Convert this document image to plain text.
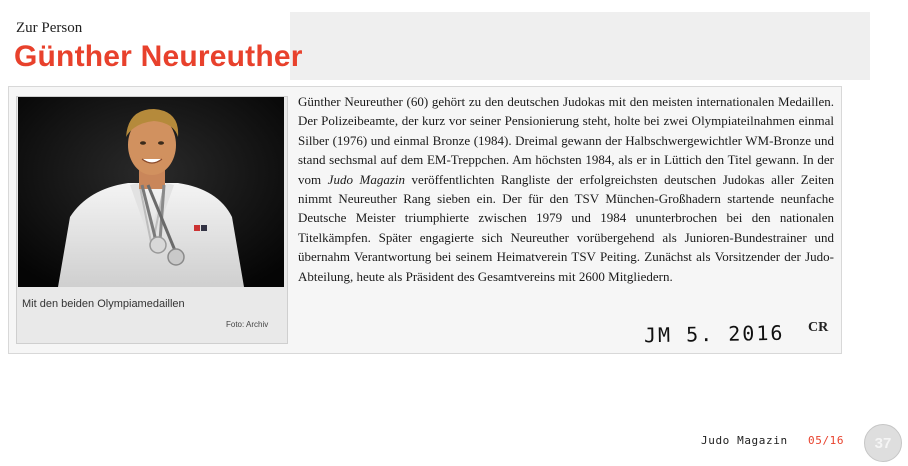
Zur Person
Günther Neureuther
Mit den beiden Olympiamedaillen
Foto: Archiv
Günther Neureuther (60) gehört zu den deutschen Judokas mit den meisten internationalen Medaillen. Der Polizeibeamte, der kurz vor seiner Pensionierung steht, holte bei zwei Olympiateilnahmen einmal Silber (1976) und einmal Bronze (1984). Dreimal gewann der Halbschwergewichtler WM-Bronze und stand sechsmal auf dem EM-Treppchen. Am höchsten 1984, als er in Lüttich den Titel gewann. In der vom Judo Magazin veröffentlichten Rangliste der erfolgreichsten deutschen Judokas aller Zeiten nimmt Neureuther Rang sieben ein. Der für den TSV München-Großhadern startende neunfache Deutsche Meister triumphierte zwischen 1979 und 1984 ununterbrochen bei den nationalen Titelkämpfen. Später engagierte sich Neureuther vorübergehend als Junioren-Bundestrainer und übernahm Verantwortung bei seinem Heimatverein TSV Peiting. Zunächst als Vorsitzender der Judo-Abteilung, heute als Präsident des Gesamtvereins mit 2600 Mitgliedern.
JM 5. 2016 CR
Judo Magazin 05/16	37
